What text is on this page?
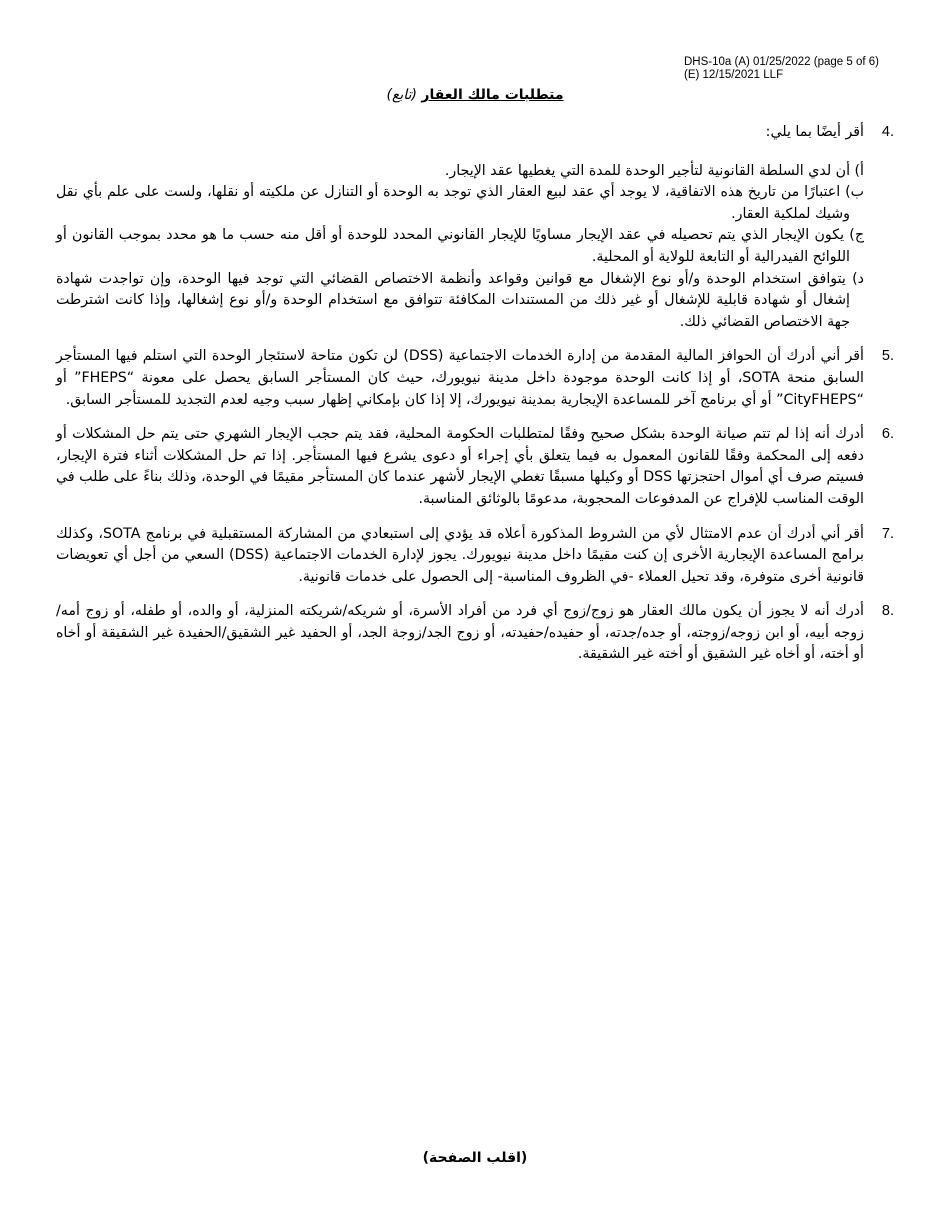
DHS-10a (A) 01/25/2022 (page 5 of 6)
(E) 12/15/2021 LLF
متطلبات مالك العقار (تابع)
4.
أقر أيضًا بما يلي:
أ) أن لدي السلطة القانونية لتأجير الوحدة للمدة التي يغطيها عقد الإيجار.
ب) اعتبارًا من تاريخ هذه الاتفاقية، لا يوجد أي عقد لبيع العقار الذي توجد به الوحدة أو التنازل عن ملكيته أو نقلها، ولست على علم بأي نقل وشيك لملكية العقار.
ج) يكون الإيجار الذي يتم تحصيله في عقد الإيجار مساويًا للإيجار القانوني المحدد للوحدة أو أقل منه حسب ما هو محدد بموجب القانون أو اللوائح الفيدرالية أو التابعة للولاية أو المحلية.
د) يتوافق استخدام الوحدة و/أو نوع الإشغال مع قوانين وقواعد وأنظمة الاختصاص القضائي التي توجد فيها الوحدة، وإن تواجدت شهادة إشغال أو شهادة قابلية للإشغال أو غير ذلك من المستندات المكافئة تتوافق مع استخدام الوحدة و/أو نوع إشغالها، وإذا كانت اشترطت جهة الاختصاص القضائي ذلك.
5.
أقر أني أدرك أن الحوافز المالية المقدمة من إدارة الخدمات الاجتماعية (DSS) لن تكون متاحة لاستئجار الوحدة التي استلم فيها المستأجر السابق منحة SOTA، أو إذا كانت الوحدة موجودة داخل مدينة نيويورك، حيث كان المستأجر السابق يحصل على معونة “FHEPS” أو “CityFHEPS” أو أي برنامج آخر للمساعدة الإيجارية بمدينة نيويورك، إلا إذا كان بإمكاني إظهار سبب وجيه لعدم التجديد للمستأجر السابق.
6.
أدرك أنه إذا لم تتم صيانة الوحدة بشكل صحيح وفقًا لمتطلبات الحكومة المحلية، فقد يتم حجب الإيجار الشهري حتى يتم حل المشكلات أو دفعه إلى المحكمة وفقًا للقانون المعمول به فيما يتعلق بأي إجراء أو دعوى يشرع فيها المستأجر. إذا تم حل المشكلات أثناء فترة الإيجار، فسيتم صرف أي أموال احتجزتها DSS أو وكيلها مسبقًا تغطي الإيجار لأشهر عندما كان المستأجر مقيمًا في الوحدة، وذلك بناءً على طلب في الوقت المناسب للإفراج عن المدفوعات المحجوبة، مدعومًا بالوثائق المناسبة.
7.
أقر أني أدرك أن عدم الامتثال لأي من الشروط المذكورة أعلاه قد يؤدي إلى استبعادي من المشاركة المستقبلية في برنامج SOTA، وكذلك برامج المساعدة الإيجارية الأخرى إن كنت مقيمًا داخل مدينة نيويورك. يجوز لإدارة الخدمات الاجتماعية (DSS) السعي من أجل أي تعويضات قانونية أخرى متوفرة، وقد تحيل العملاء -في الظروف المناسبة- إلى الحصول على خدمات قانونية.
8.
أدرك أنه لا يجوز أن يكون مالك العقار هو زوج/زوج أي فرد من أفراد الأسرة، أو شريكه/شريكته المنزلية، أو والده، أو طفله، أو زوج أمه/زوجه أبيه، أو ابن زوجه/زوجته، أو جده/جدته، أو حفيده/حفيدته، أو زوج الجد/زوجة الجد، أو الحفيد غير الشقيق/الحفيدة غير الشقيقة أو أخاه أو أخته، أو أخاه غير الشقيق أو أخته غير الشقيقة.
(اقلب الصفحة)
